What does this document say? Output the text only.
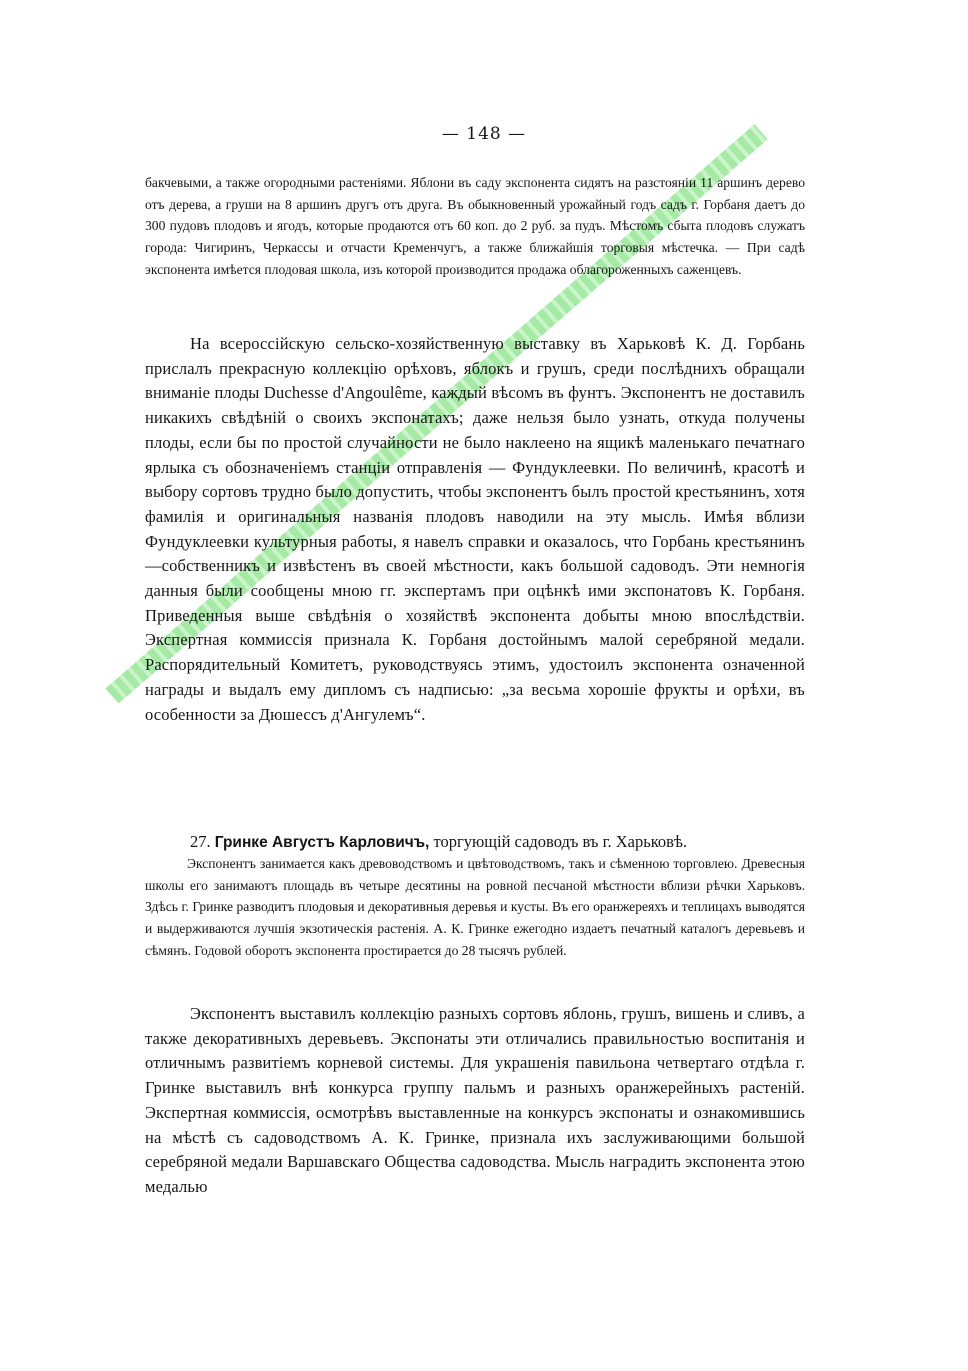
— 148 —

бакчевыми, а также огородными растеніями. Яблони въ саду экспонента сидятъ на разстояніи 11 аршинъ дерево отъ дерева, а груши на 8 аршинъ другъ отъ друга. Въ обыкновенный урожайный годъ садъ г. Горбаня даетъ до 300 пудовъ плодовъ и ягодъ, которые продаются отъ 60 коп. до 2 руб. за пудъ. Мѣстомъ сбыта плодовъ служатъ города: Чигиринъ, Черкассы и отчасти Кременчугъ, а также ближайшія торговыя мѣстечка. — При садѣ экспонента имѣется плодовая школа, изъ которой производится продажа облагороженныхъ саженцевъ.

На всероссійскую сельско-хозяйственную выставку въ Харьковѣ К. Д. Горбань прислалъ прекрасную коллекцію орѣховъ, яблокъ и грушъ, среди послѣднихъ обращали вниманіе плоды Duchesse d'Angoulême, каждый вѣсомъ въ фунтъ. Экспонентъ не доставилъ никакихъ свѣдѣній о своихъ экспонатахъ; даже нельзя было узнать, откуда получены плоды, если бы по простой случайности не было наклеено на ящикѣ маленькаго печатнаго ярлыка съ обозначеніемъ станціи отправленія — Фундуклеевки. По величинѣ, красотѣ и выбору сортовъ трудно было допустить, чтобы экспонентъ былъ простой крестьянинъ, хотя фамилія и оригинальныя названія плодовъ наводили на эту мысль. Имѣя вблизи Фундуклеевки культурныя работы, я навелъ справки и оказалось, что Горбань крестьянинъ—собственникъ и извѣстенъ въ своей мѣстности, какъ большой садоводъ. Эти немногія данныя были сообщены мною гг. экспертамъ при оцѣнкѣ ими экспонатовъ К. Горбаня. Приведенныя выше свѣдѣнія о хозяйствѣ экспонента добыты мною впослѣдствіи. Экспертная коммиссія признала К. Горбаня достойнымъ малой серебряной медали. Распорядительный Комитетъ, руководствуясь этимъ, удостоилъ экспонента означенной награды и выдалъ ему дипломъ съ надписью: „за весьма хорошіе фрукты и орѣхи, въ особенности за Дюшессъ д'Ангулемъ“.

27. Гринке Августъ Карловичъ, торгующій садоводъ въ г. Харьковѣ.

Экспонентъ занимается какъ древоводствомъ и цвѣтоводствомъ, такъ и сѣменною торговлею. Древесныя школы его занимаютъ площадь въ четыре десятины на ровной песчаной мѣстности вблизи рѣчки Харьковъ. Здѣсь г. Гринке разводитъ плодовыя и декоративныя деревья и кусты. Въ его оранжереяхъ и теплицахъ выводятся и выдерживаются лучшія экзотическія растенія. А. К. Гринке ежегодно издаетъ печатный каталогъ деревьевъ и сѣмянъ. Годовой оборотъ экспонента простирается до 28 тысячъ рублей.

Экспонентъ выставилъ коллекцію разныхъ сортовъ яблонь, грушъ, вишень и сливъ, а также декоративныхъ деревьевъ. Экспонаты эти отличались правильностью воспитанія и отличнымъ развитіемъ корневой системы. Для украшенія павильона четвертаго отдѣла г. Гринке выставилъ внѣ конкурса группу пальмъ и разныхъ оранжерейныхъ растеній. Экспертная коммиссія, осмотрѣвъ выставленные на конкурсъ экспонаты и ознакомившись на мѣстѣ съ садоводствомъ А. К. Гринке, признала ихъ заслуживающими большой серебряной медали Варшавскаго Общества садоводства. Мысль наградить экспонента этою медалью
